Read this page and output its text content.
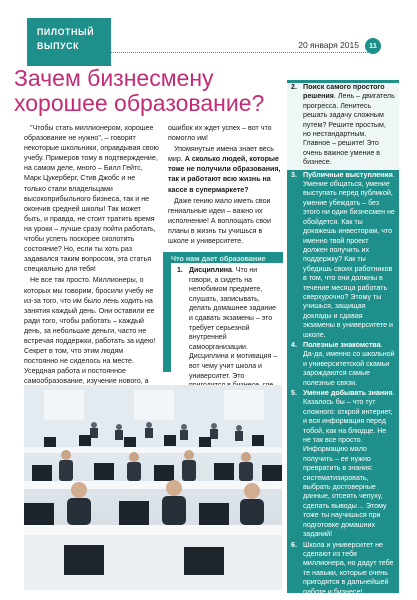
ПИЛОТНЫЙ
ВЫПУСК	20 января 2015	11
Зачем бизнесмену
хорошее образование?

"Чтобы стать миллионером, хорошее образование не нужно", – говорят некоторые школьники, оправдывая свою учебу. Примеров тому в подтверждение, на самом деле, много – Билл Гейтс, Марк Цукерберг, Стив Джобс и не только стали владельцами высокоприбыльного бизнеса, так и не окончив средней школы! Так может быть, и правда, не стоит тратить время на уроки – лучше сразу пойти работать, чтобы успеть поскорее сколотить состояние? Но, если ты хоть раз задавался таким вопросом, эта статья специально для тебя!

Не все так просто. Миллионеры, о которых мы говорим, бросили учебу не из-за того, что им было лень ходить на занятия каждый день. Они оставили ее ради того, чтобы работать – каждый день, за небольшие деньги, часто не встречая поддержки, работать за идею! Секрет в том, что этим людям постоянно не сиделось на месте. Усердная работа и постоянное самообразование, изучение нового, а

ошибок их ждет успех – вот что помогло им!

Упомянутые имена знает весь мир. А сколько людей, которые тоже не получили образования, так и работают всю жизнь на кассе в супермаркете?

Даже гению мало иметь свои гениальные идеи – важно их исполнение! А воплощать свои планы в жизнь ты учишься в школе и университете.

Что нам дает образование
1. Дисциплина. Что ни говори, а сидеть на нелюбимом предмете, слушать, записывать, делать домашнее задание и сдавать экзамены – это требует серьезной внутренней самоорганизации. Дисциплина и мотивация – вот чему учит школа и университет. Это
2. Поиск самого простого решения. Лень – двигатель прогресса. Ленитесь решать задачу сложным путем? Решите простым, но нестандартным. Главное – решите! Это очень важное умение в бизнесе.
3. Публичные выступления. Умение общаться, умение выступать перед публикой, умение убеждать – без этого ни один бизнесмен не обойдется. Как ты докажешь инвесторам, что именно твой проект должен получить их поддержку? Как ты убедишь своих работников в том, что они должны в течение месяца работать сверхурочно? Этому ты учишься, защищая доклады и сдавая экзамены в университете и школе.
4. Полезные знакомства. Да-да, именно со школьной и университетской скамьи зарождаются самые полезные связи.
5. Умение добывать знания. Казалось бы – что тут сложного: открой интернет, и вся информация перед тобой, как на блюдце. Не не так все просто. Информацию мало получить – ее нужно превратить в знания: систематизировать, выбрать достоверные данные, отсеять чепуху, сделать выводы… Этому тоже ты научишься при подготовке домашних заданий!
6. Школа и университет не сделают из тебя миллионера, но дадут тебе те навыки, которые очень пригодятся в дальнейшей работе и бизнесе!
